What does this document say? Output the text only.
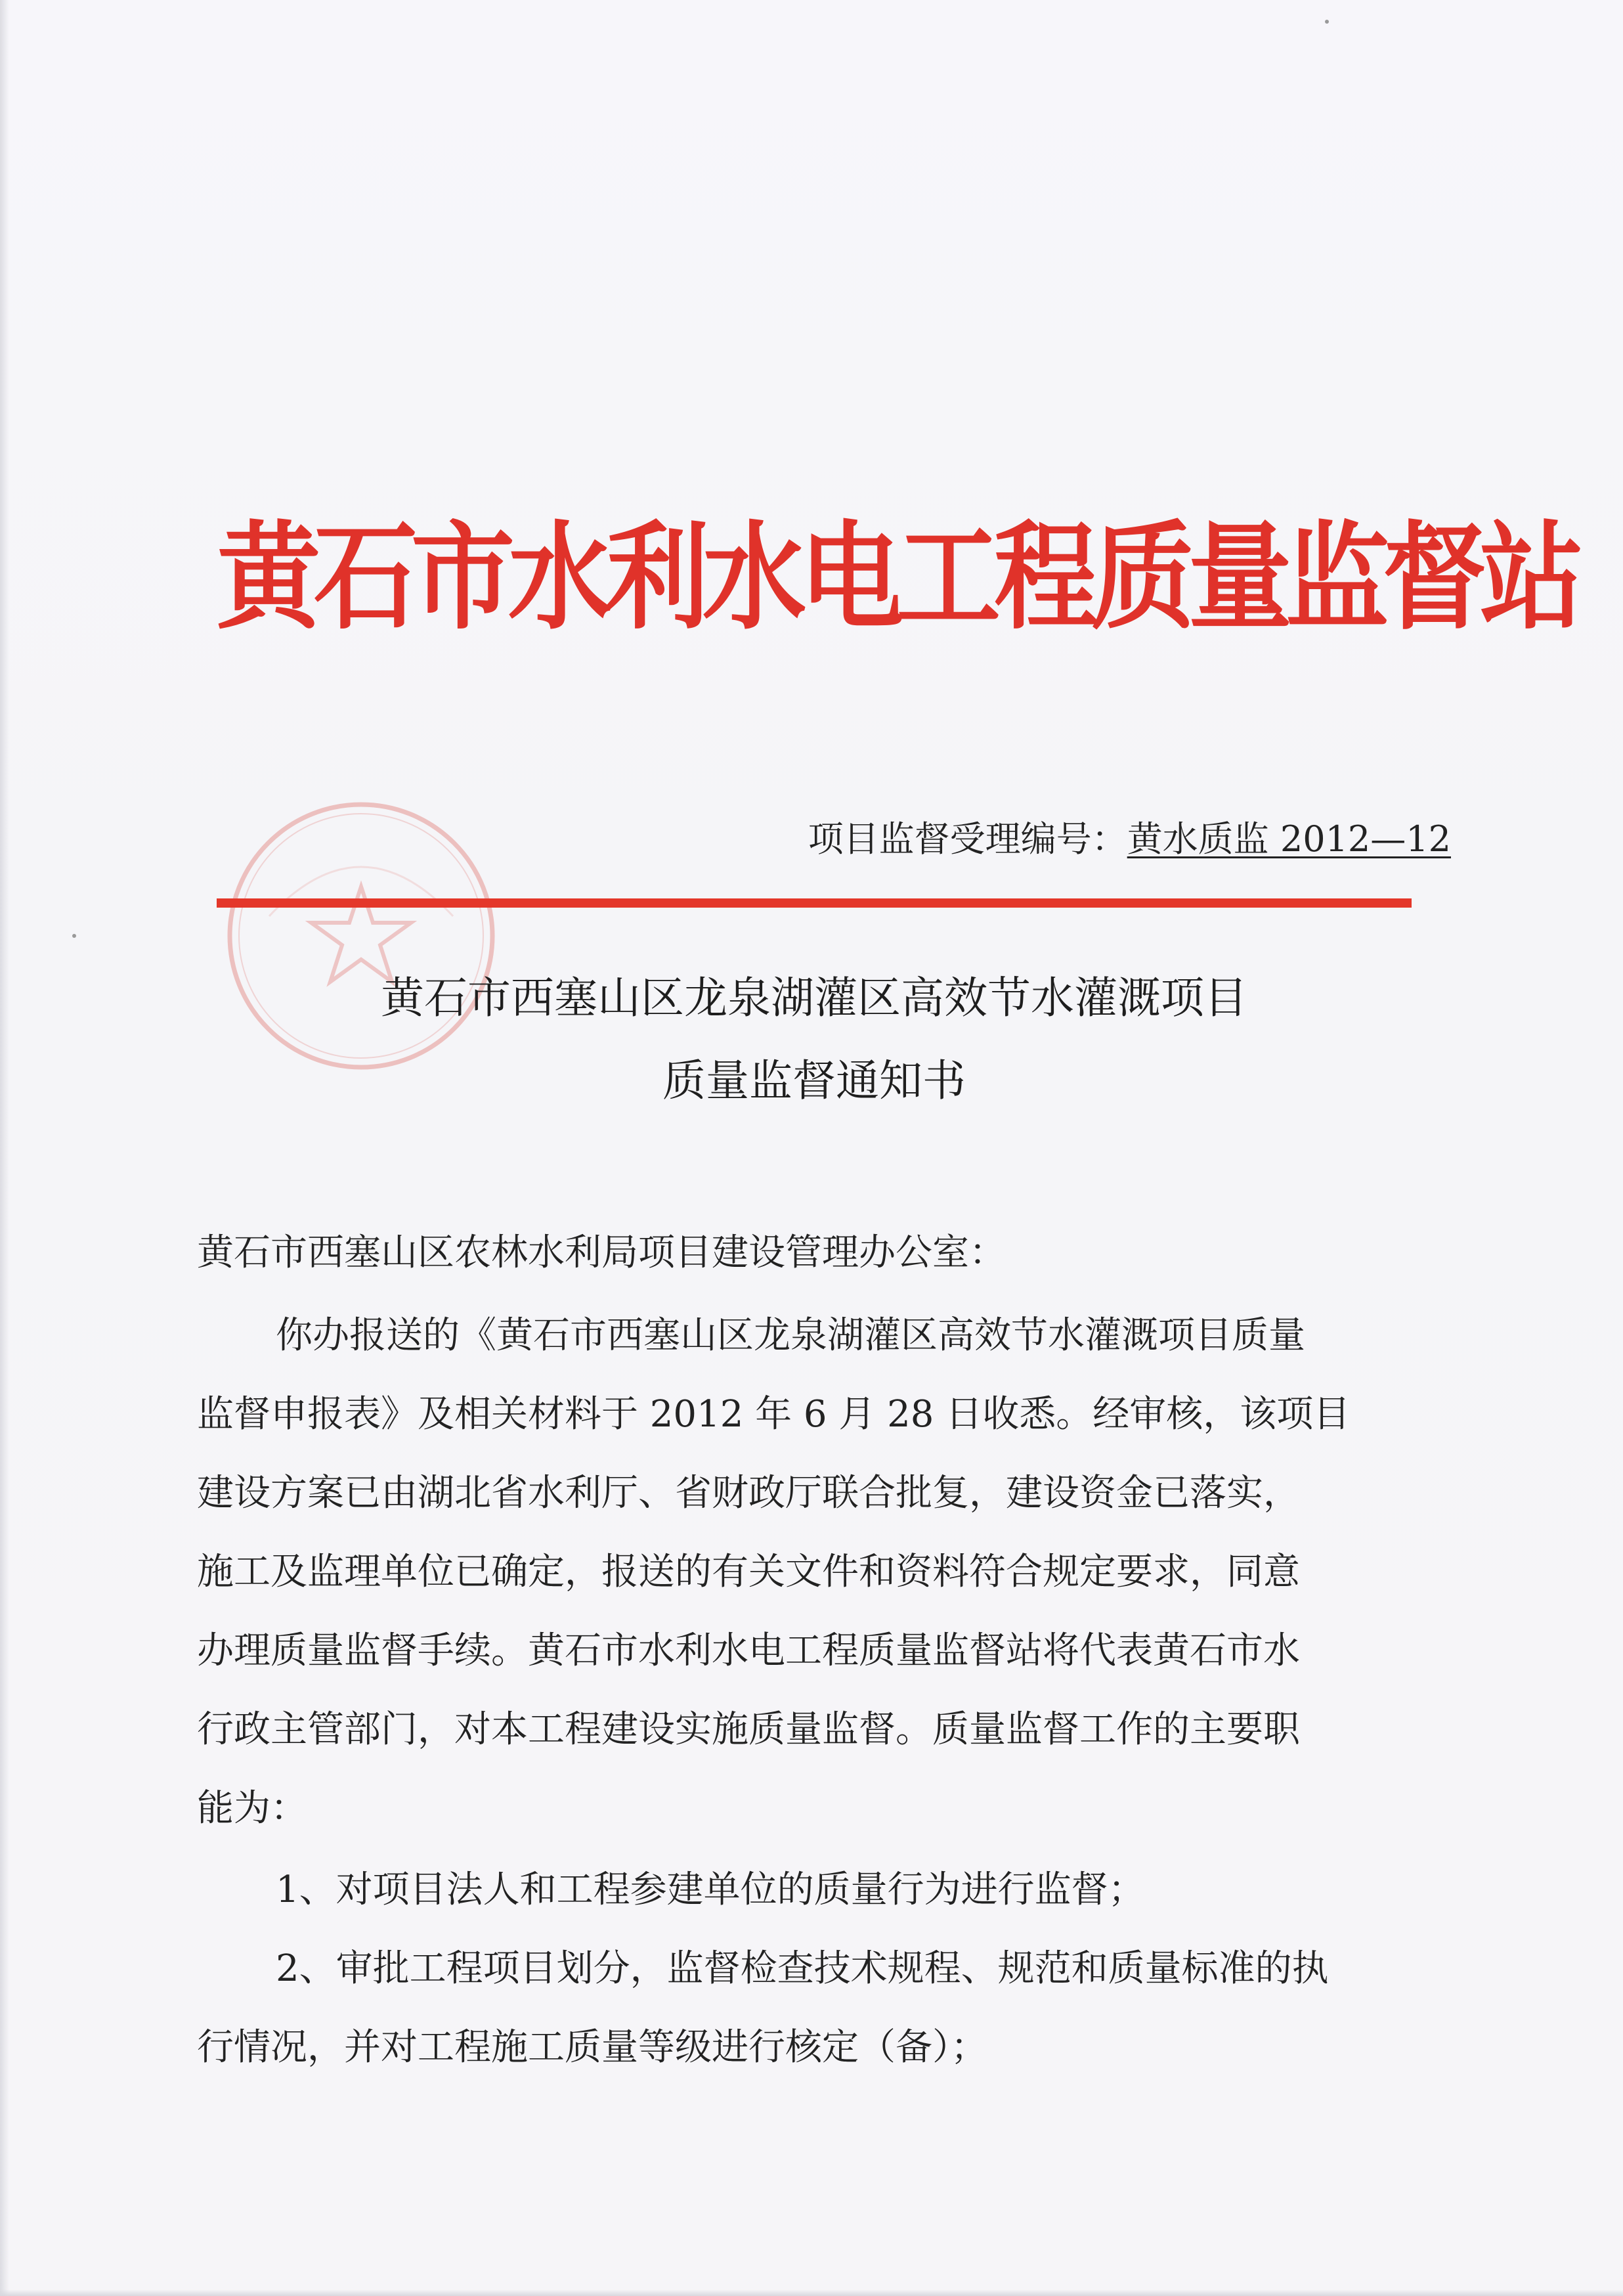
黄石市水利水电工程质量监督站
项目监督受理编号：黄水质监 2012—12
黄石市西塞山区龙泉湖灌区高效节水灌溉项目
质量监督通知书

黄石市西塞山区农林水利局项目建设管理办公室：

你办报送的《黄石市西塞山区龙泉湖灌区高效节水灌溉项目质量

监督申报表》及相关材料于 2012 年 6 月 28 日收悉。经审核，该项目

建设方案已由湖北省水利厅、省财政厅联合批复，建设资金已落实，

施工及监理单位已确定，报送的有关文件和资料符合规定要求，同意

办理质量监督手续。黄石市水利水电工程质量监督站将代表黄石市水

行政主管部门，对本工程建设实施质量监督。质量监督工作的主要职

能为：

1、对项目法人和工程参建单位的质量行为进行监督；

2、审批工程项目划分，监督检查技术规程、规范和质量标准的执

行情况，并对工程施工质量等级进行核定（备）；
